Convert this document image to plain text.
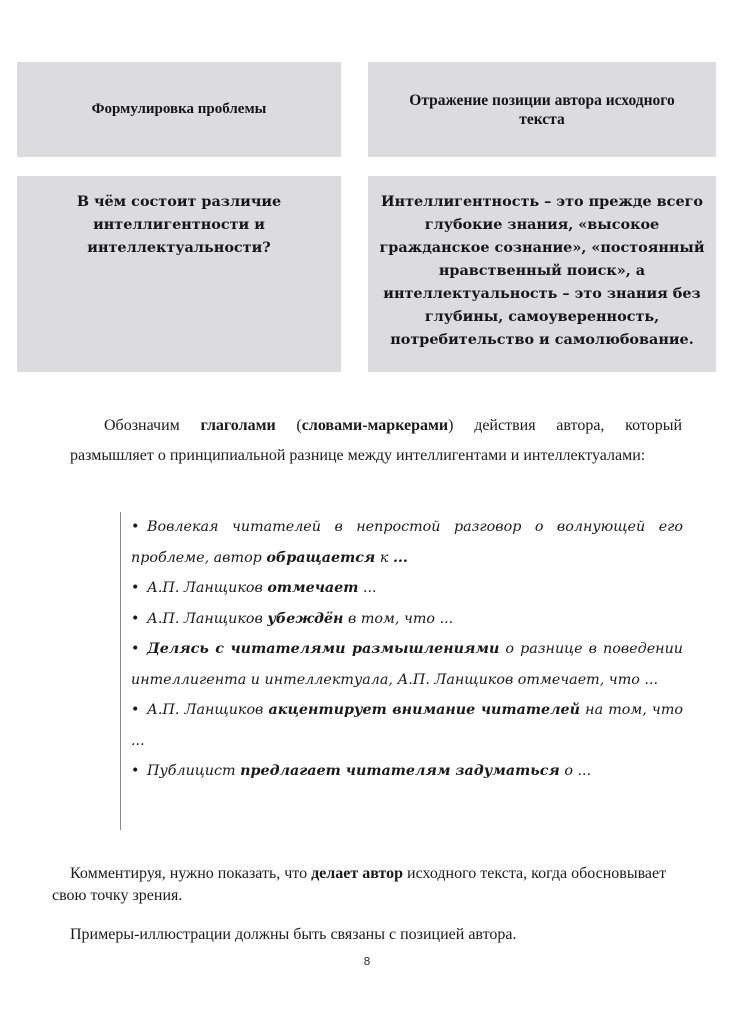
Формулировка проблемы
Отражение позиции автора исходного текста
В чём состоит различие интеллигентности и интеллектуальности?
Интеллигентность – это прежде всего глубокие знания, «высокое гражданское сознание», «постоянный нравственный поиск», а интеллектуальность – это знания без глубины, самоуверенность, потребительство и самолюбование.
Обозначим глаголами (словами-маркерами) действия автора, который размышляет о принципиальной разнице между интеллигентами и интеллектуалами:
• Вовлекая читателей в непростой разговор о волнующей его проблеме, автор обращается к ...
• А.П. Ланщиков отмечает ...
• А.П. Ланщиков убеждён в том, что ...
• Делясь с читателями размышлениями о разнице в поведении интеллигента и интеллектуала, А.П. Ланщиков отмечает, что ...
• А.П. Ланщиков акцентирует внимание читателей на том, что ...
• Публицист предлагает читателям задуматься о ...
Комментируя, нужно показать, что делает автор исходного текста, когда обосновывает свою точку зрения.
Примеры-иллюстрации должны быть связаны с позицией автора.
8
